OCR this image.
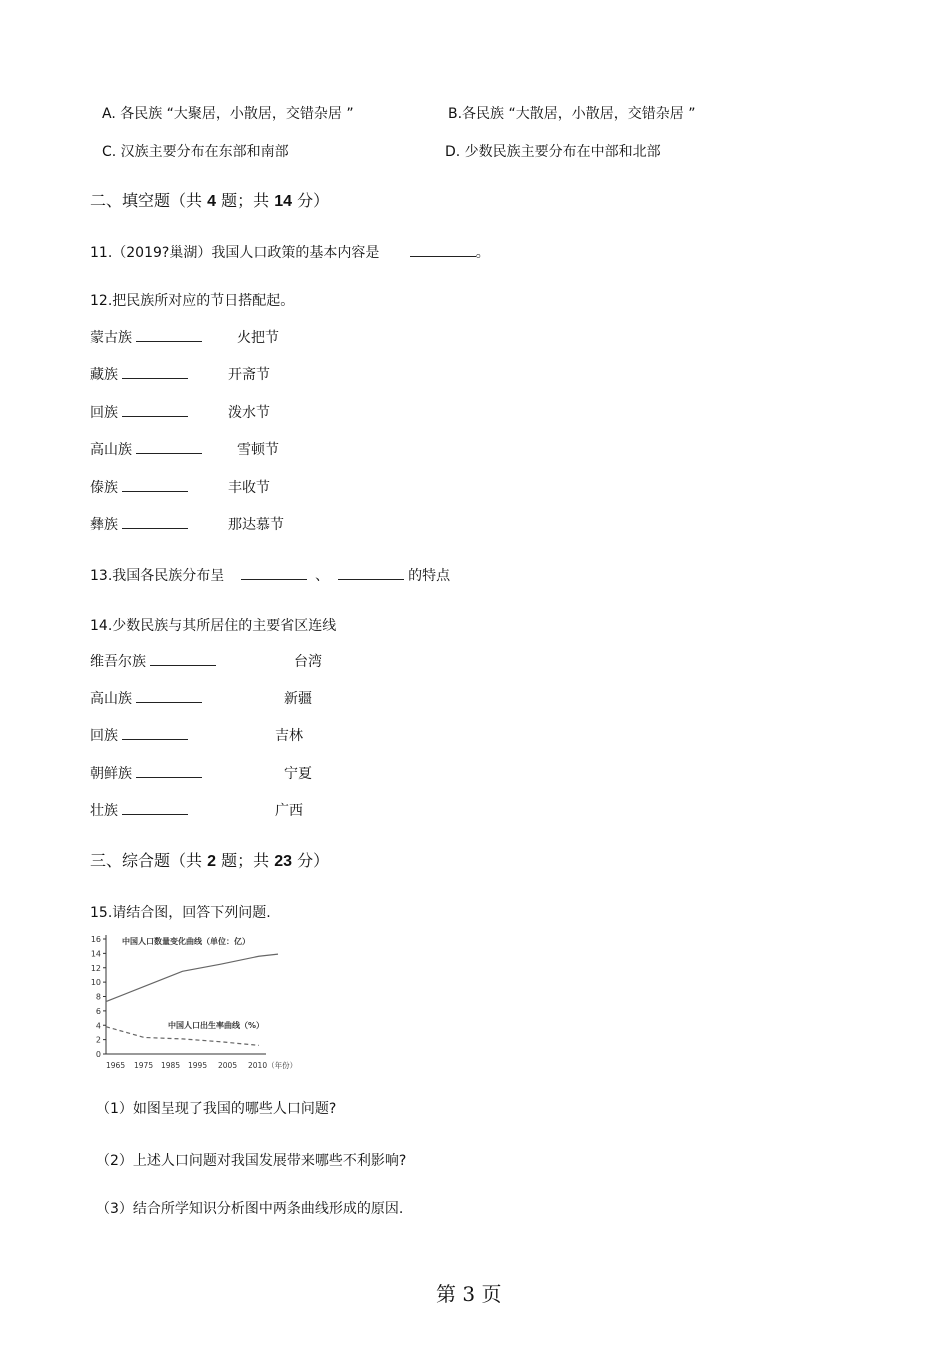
A. 各民族 “大聚居，小散居，交错杂居 ”	B.各民族 “大散居，小散居，交错杂居 ”
C. 汉族主要分布在东部和南部	D. 少数民族主要分布在中部和北部
二、填空题（共 4 题；共 14 分）
11.（2019?巢湖）我国人口政策的基本内容是	。
12.把民族所对应的节日搭配起。
蒙古族	火把节
藏族	开斋节
回族	泼水节
高山族	雪顿节
傣族	丰收节
彝族	那达慕节
13.我国各民族分布呈	、	的特点
14.少数民族与其所居住的主要省区连线
维吾尔族	台湾
高山族	新疆
回族	吉林
朝鲜族	宁夏
壮族	广西
三、综合题（共 2 题；共 23 分）
15.请结合图，回答下列问题.
0
2
4
6
8
10
12
14
16
1965 1975 1985 1995 2005 2010（年份）
中国人口数量变化曲线（单位：亿）
中国人口出生率曲线（%）
（1）如图呈现了我国的哪些人口问题?
（2）上述人口问题对我国发展带来哪些不利影响?
（3）结合所学知识分析图中两条曲线形成的原因.
第 3 页
